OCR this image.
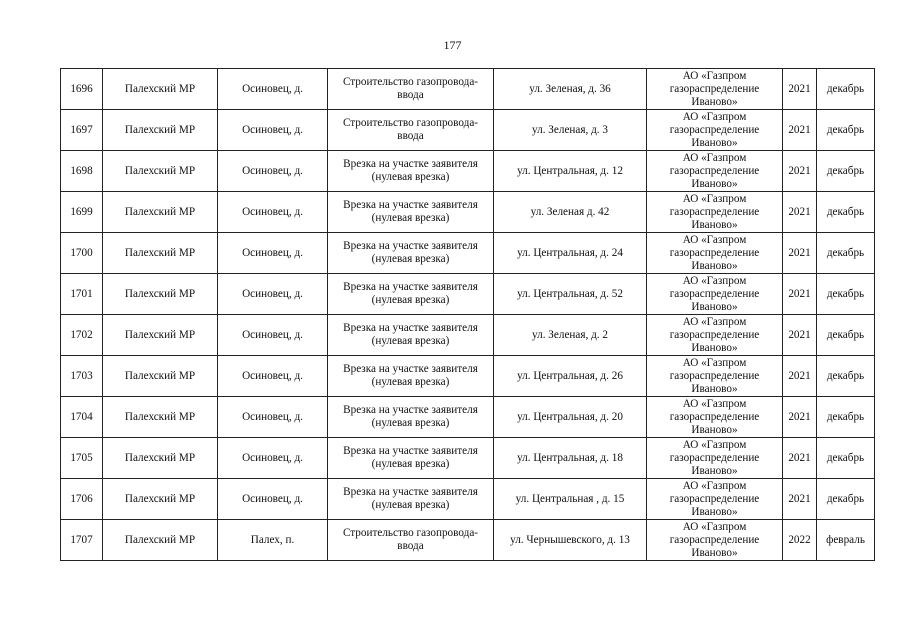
177
1696	Палехский МР	Осиновец, д.	Строительство газопровода-ввода	ул. Зеленая, д. 36	АО «Газпром газораспределение Иваново»	2021	декабрь
1697	Палехский МР	Осиновец, д.	Строительство газопровода-ввода	ул. Зеленая, д. 3	АО «Газпром газораспределение Иваново»	2021	декабрь
1698	Палехский МР	Осиновец, д.	Врезка на участке заявителя (нулевая врезка)	ул. Центральная, д. 12	АО «Газпром газораспределение Иваново»	2021	декабрь
1699	Палехский МР	Осиновец, д.	Врезка на участке заявителя (нулевая врезка)	ул. Зеленая д. 42	АО «Газпром газораспределение Иваново»	2021	декабрь
1700	Палехский МР	Осиновец, д.	Врезка на участке заявителя (нулевая врезка)	ул. Центральная, д. 24	АО «Газпром газораспределение Иваново»	2021	декабрь
1701	Палехский МР	Осиновец, д.	Врезка на участке заявителя (нулевая врезка)	ул. Центральная, д. 52	АО «Газпром газораспределение Иваново»	2021	декабрь
1702	Палехский МР	Осиновец, д.	Врезка на участке заявителя (нулевая врезка)	ул. Зеленая, д. 2	АО «Газпром газораспределение Иваново»	2021	декабрь
1703	Палехский МР	Осиновец, д.	Врезка на участке заявителя (нулевая врезка)	ул. Центральная, д. 26	АО «Газпром газораспределение Иваново»	2021	декабрь
1704	Палехский МР	Осиновец, д.	Врезка на участке заявителя (нулевая врезка)	ул. Центральная, д. 20	АО «Газпром газораспределение Иваново»	2021	декабрь
1705	Палехский МР	Осиновец, д.	Врезка на участке заявителя (нулевая врезка)	ул. Центральная, д. 18	АО «Газпром газораспределение Иваново»	2021	декабрь
1706	Палехский МР	Осиновец, д.	Врезка на участке заявителя (нулевая врезка)	ул. Центральная , д. 15	АО «Газпром газораспределение Иваново»	2021	декабрь
1707	Палехский МР	Палех, п.	Строительство газопровода-ввода	ул. Чернышевского, д. 13	АО «Газпром газораспределение Иваново»	2022	февраль
